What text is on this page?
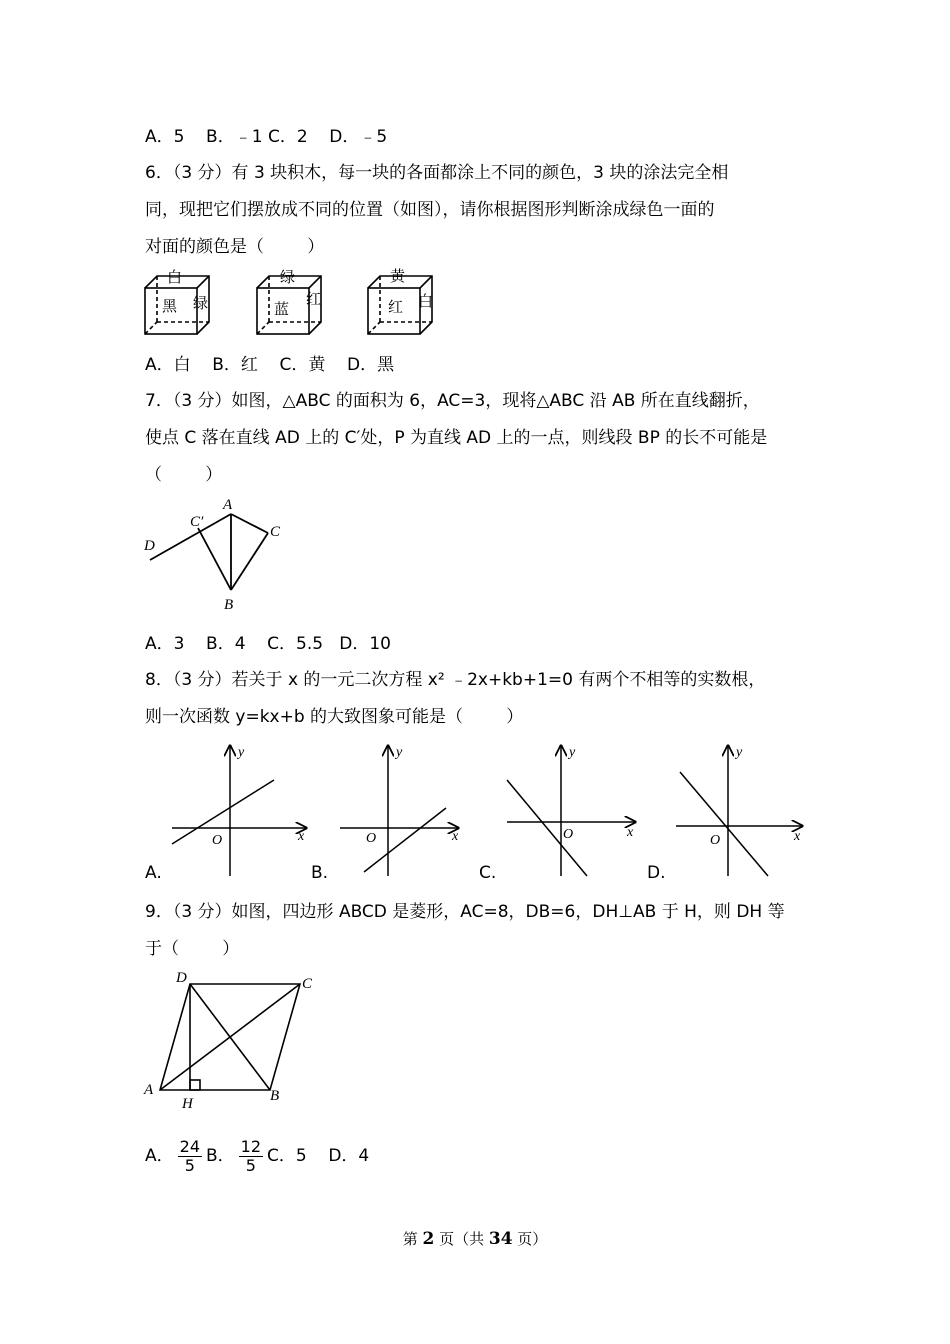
A．5    B．﹣1 C．2    D．﹣5
6．（3 分）有 3 块积木，每一块的各面都涂上不同的颜色，3 块的涂法完全相
同，现把它们摆放成不同的位置（如图），请你根据图形判断涂成绿色一面的
对面的颜色是（        ）
白
黑 绿
绿
蓝
红
黄
红 白
A．白    B．红    C．黄    D．黑
7．（3 分）如图，△ABC 的面积为 6，AC=3，现将△ABC 沿 AB 所在直线翻折，
使点 C 落在直线 AD 上的 C′处，P 为直线 AD 上的一点，则线段 BP 的长不可能是
（        ）
A
C
C′
D
B
A．3    B．4    C．5.5   D．10
8．（3 分）若关于 x 的一元二次方程 x² ﹣2x+kb+1=0 有两个不相等的实数根，
则一次函数 y=kx+b 的大致图象可能是（        ）
y
x
O
y
x
O
y
x
O
y
x
O
A.	B.	C.	D.
9．（3 分）如图，四边形 ABCD 是菱形，AC=8，DB=6，DH⊥AB 于 H，则 DH 等
于（        ）
D	C
A	B
H
A． $\frac{24}{5}$ B． $\frac{12}{5}$ C．5    D．4
第 2 页（共 34 页）
